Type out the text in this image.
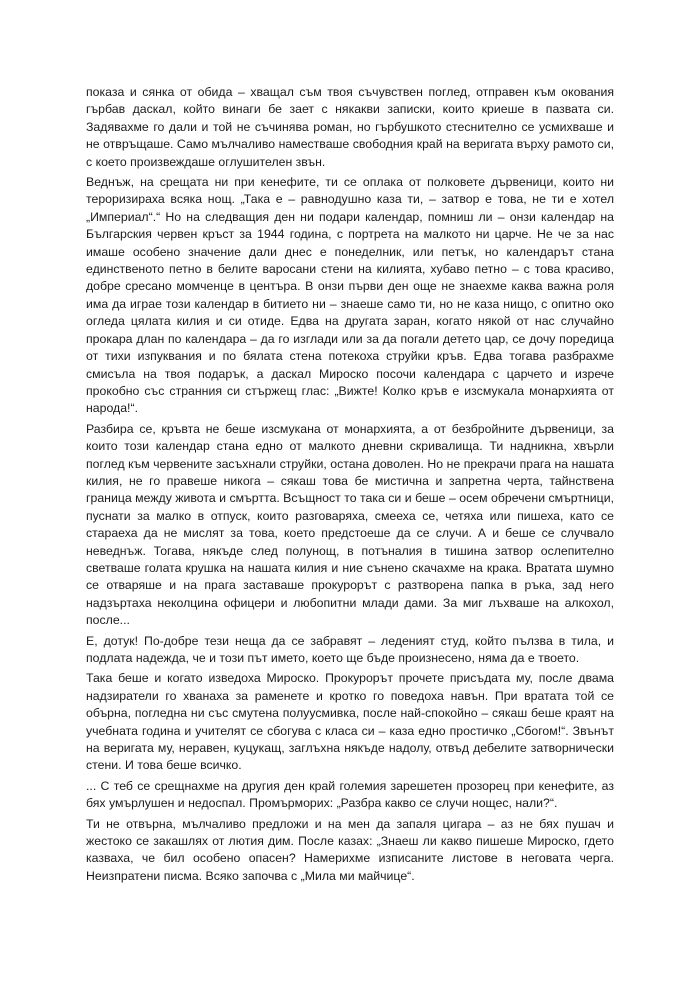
показа и сянка от обида – хващал съм твоя съчувствен поглед, отправен към окования гърбав даскал, който винаги бе зает с някакви записки, които криеше в пазвата си. Задявахме го дали и той не съчинява роман, но гърбушкото стеснително се усмихваше и не отвръщаше. Само мълчаливо наместваше свободния край на веригата върху рамото си, с което произвеждаше оглушителен звън.

Веднъж, на срещата ни при кенефите, ти се оплака от полковете дървеници, които ни тероризираха всяка нощ. „Така е – равнодушно каза ти, – затвор е това, не ти е хотел „Империал“.“ Но на следващия ден ни подари календар, помниш ли – онзи календар на Българския червен кръст за 1944 година, с портрета на малкото ни царче. Не че за нас имаше особено значение дали днес е понеделник, или петък, но календарът стана единственото петно в белите варосани стени на килията, хубаво петно – с това красиво, добре сресано момченце в центъра. В онзи първи ден още не знаехме каква важна роля има да играе този календар в битието ни – знаеше само ти, но не каза нищо, с опитно око огледа цялата килия и си отиде. Едва на другата заран, когато някой от нас случайно прокара длан по календара – да го изглади или за да погали детето цар, се дочу поредица от тихи изпуквания и по бялата стена потекоха струйки кръв. Едва тогава разбрахме смисъла на твоя подарък, а даскал Мироско посочи календара с царчето и изрече прокобно със странния си стържещ глас: „Вижте! Колко кръв е изсмукала монархията от народа!“.

Разбира се, кръвта не беше изсмукана от монархията, а от безбройните дървеници, за които този календар стана едно от малкото дневни скривалища. Ти надникна, хвърли поглед към червените засъхнали струйки, остана доволен. Но не прекрачи прага на нашата килия, не го правеше никога – сякаш това бе мистична и запретна черта, тайнствена граница между живота и смъртта. Всъщност то така си и беше – осем обречени смъртници, пуснати за малко в отпуск, които разговаряха, смееха се, четяха или пишеха, като се стараеха да не мислят за това, което предстоеше да се случи. А и беше се случвало неведнъж. Тогава, някъде след полунощ, в потъналия в тишина затвор ослепително светваше голата крушка на нашата килия и ние сънено скачахме на крака. Вратата шумно се отваряше и на прага заставаше прокурорът с разтворена папка в ръка, зад него надзъртаха неколцина офицери и любопитни млади дами. За миг лъхваше на алкохол, после...

Е, дотук! По-добре тези неща да се забравят – леденият студ, който пълзва в тила, и подлата надежда, че и този път името, което ще бъде произнесено, няма да е твоето.

Така беше и когато изведоха Мироско. Прокурорът прочете присъдата му, после двама надзиратели го хванаха за раменете и кротко го поведоха навън. При вратата той се обърна, погледна ни със смутена полуусмивка, после най-спокойно – сякаш беше краят на учебната година и учителят се сбогува с класа си – каза едно простичко „Сбогом!“. Звънът на веригата му, неравен, куцукащ, заглъхна някъде надолу, отвъд дебелите затворнически стени. И това беше всичко.

... С теб се срещнахме на другия ден край големия зарешетен прозорец при кенефите, аз бях умърлушен и недоспал. Промърморих: „Разбра какво се случи нощес, нали?“.

Ти не отвърна, мълчаливо предложи и на мен да запаля цигара – аз не бях пушач и жестоко се закашлях от лютия дим. После казах: „Знаеш ли какво пишеше Мироско, гдето казваха, че бил особено опасен? Намерихме изписаните листове в неговата черга. Неизпратени писма. Всяко започва с „Мила ми майчице“.
